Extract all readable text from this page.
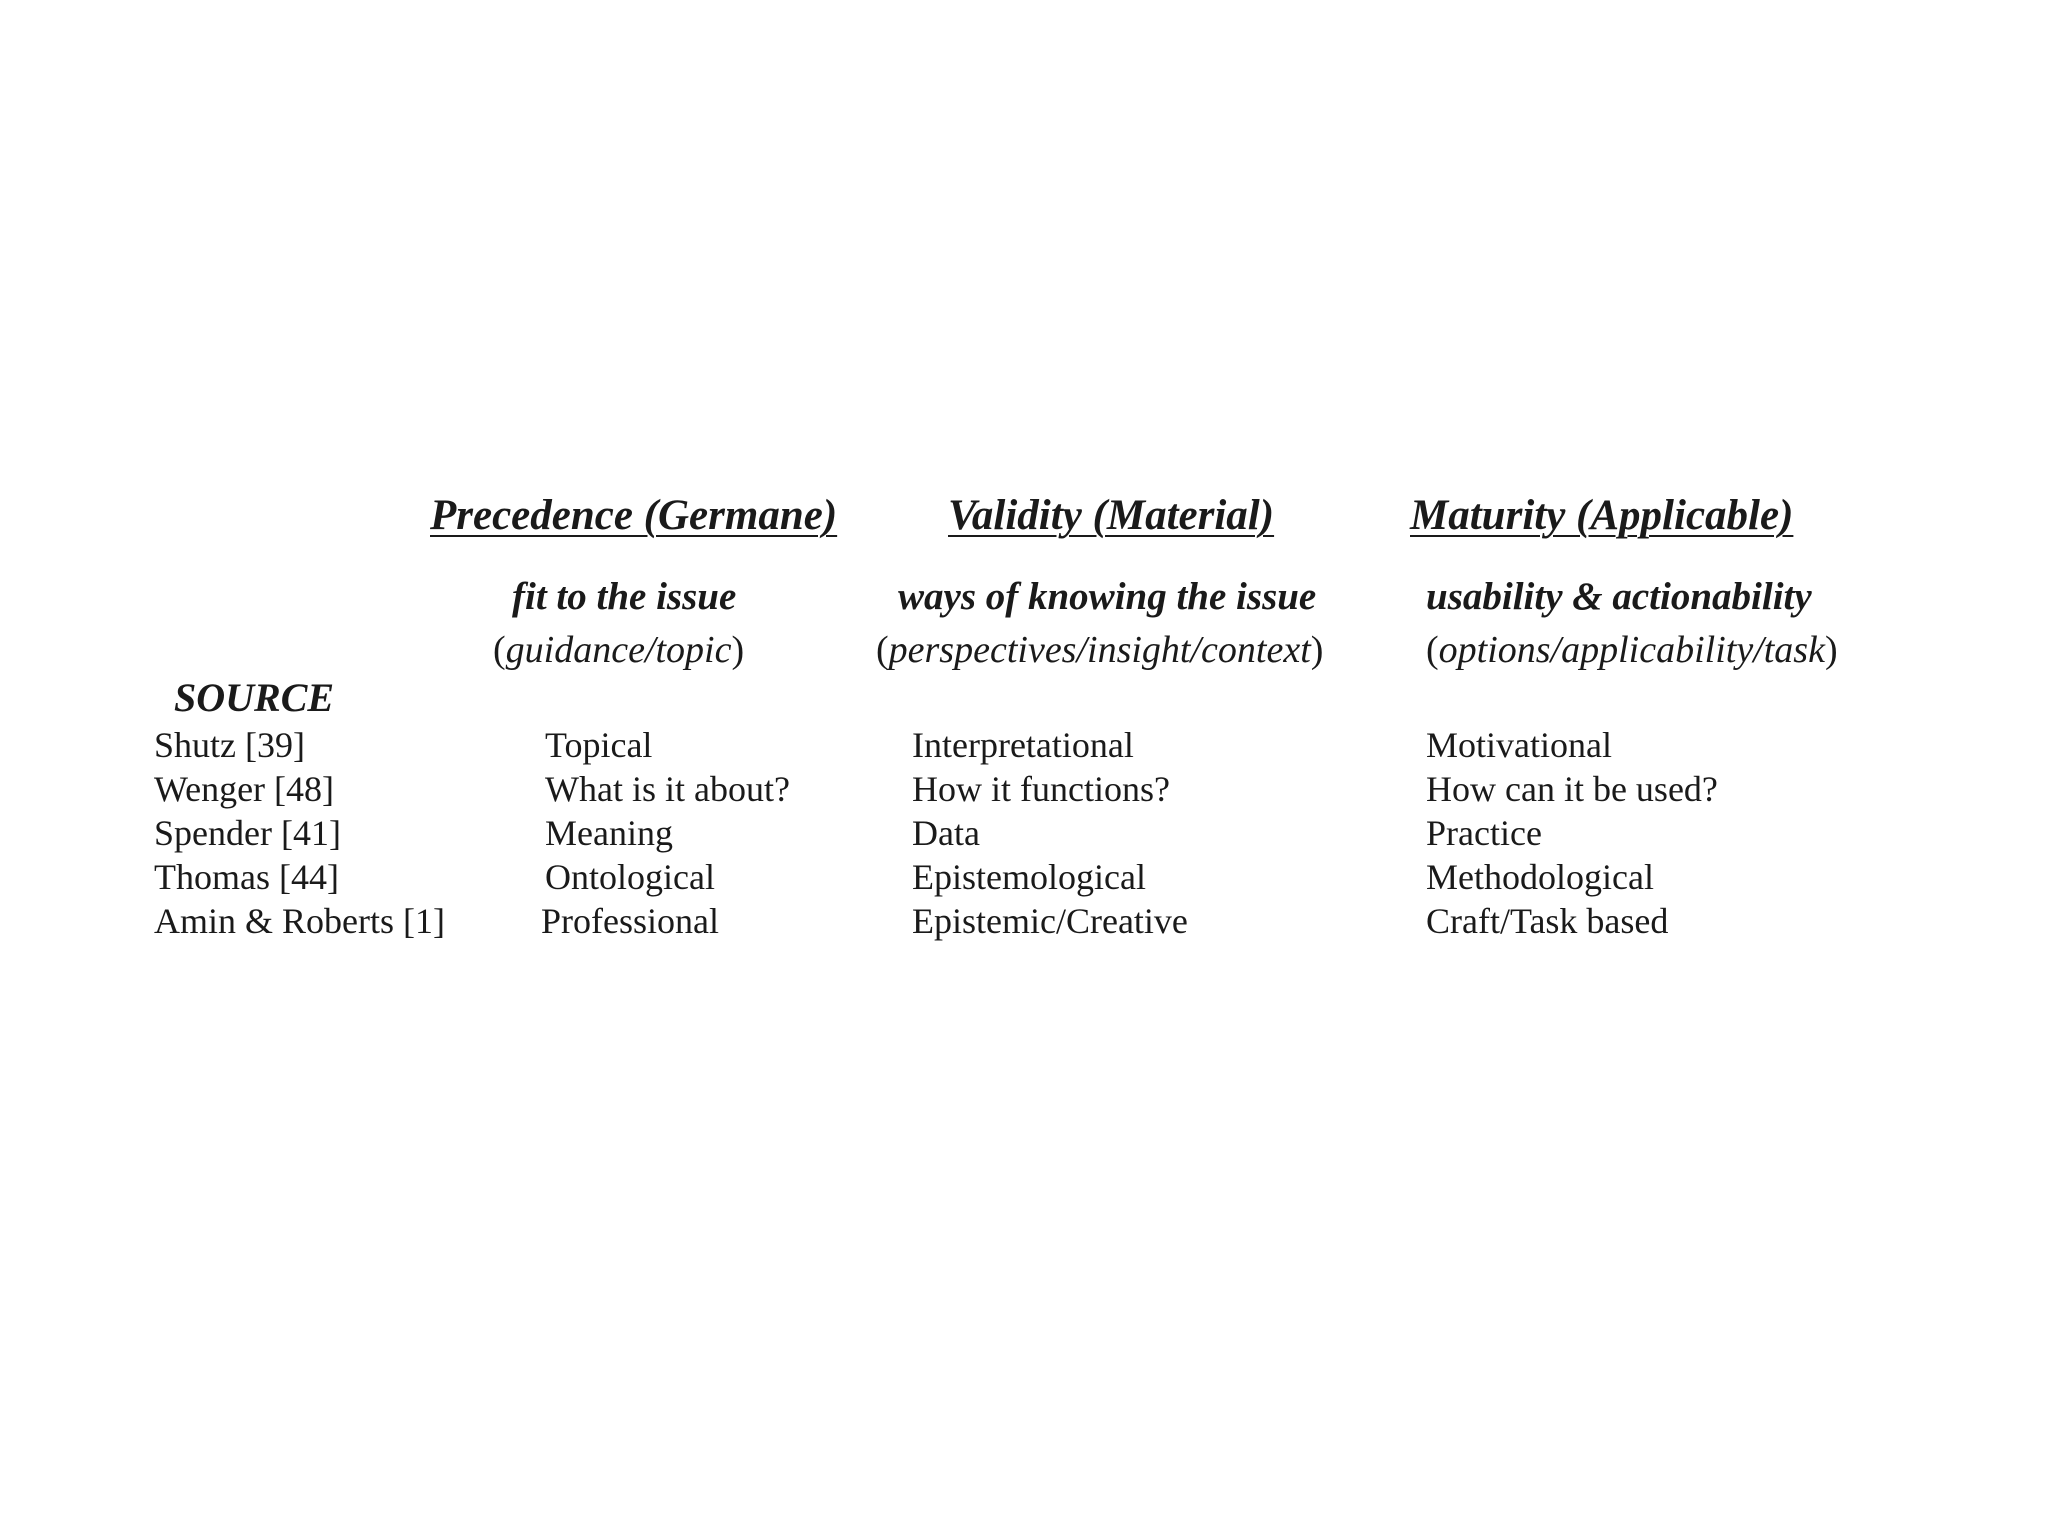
Precedence (Germane)	Validity (Material)	Maturity (Applicable)
fit to the issue	ways of knowing the issue	usability & actionability
(guidance/topic)	(perspectives/insight/context)	(options/applicability/task)
SOURCE
Shutz [39]	Topical	Interpretational	Motivational
Wenger [48]	What is it about?	How it functions?	How can it be used?
Spender [41]	Meaning	Data	Practice
Thomas [44]	Ontological	Epistemological	Methodological
Amin & Roberts [1]	Professional	Epistemic/Creative	Craft/Task based
